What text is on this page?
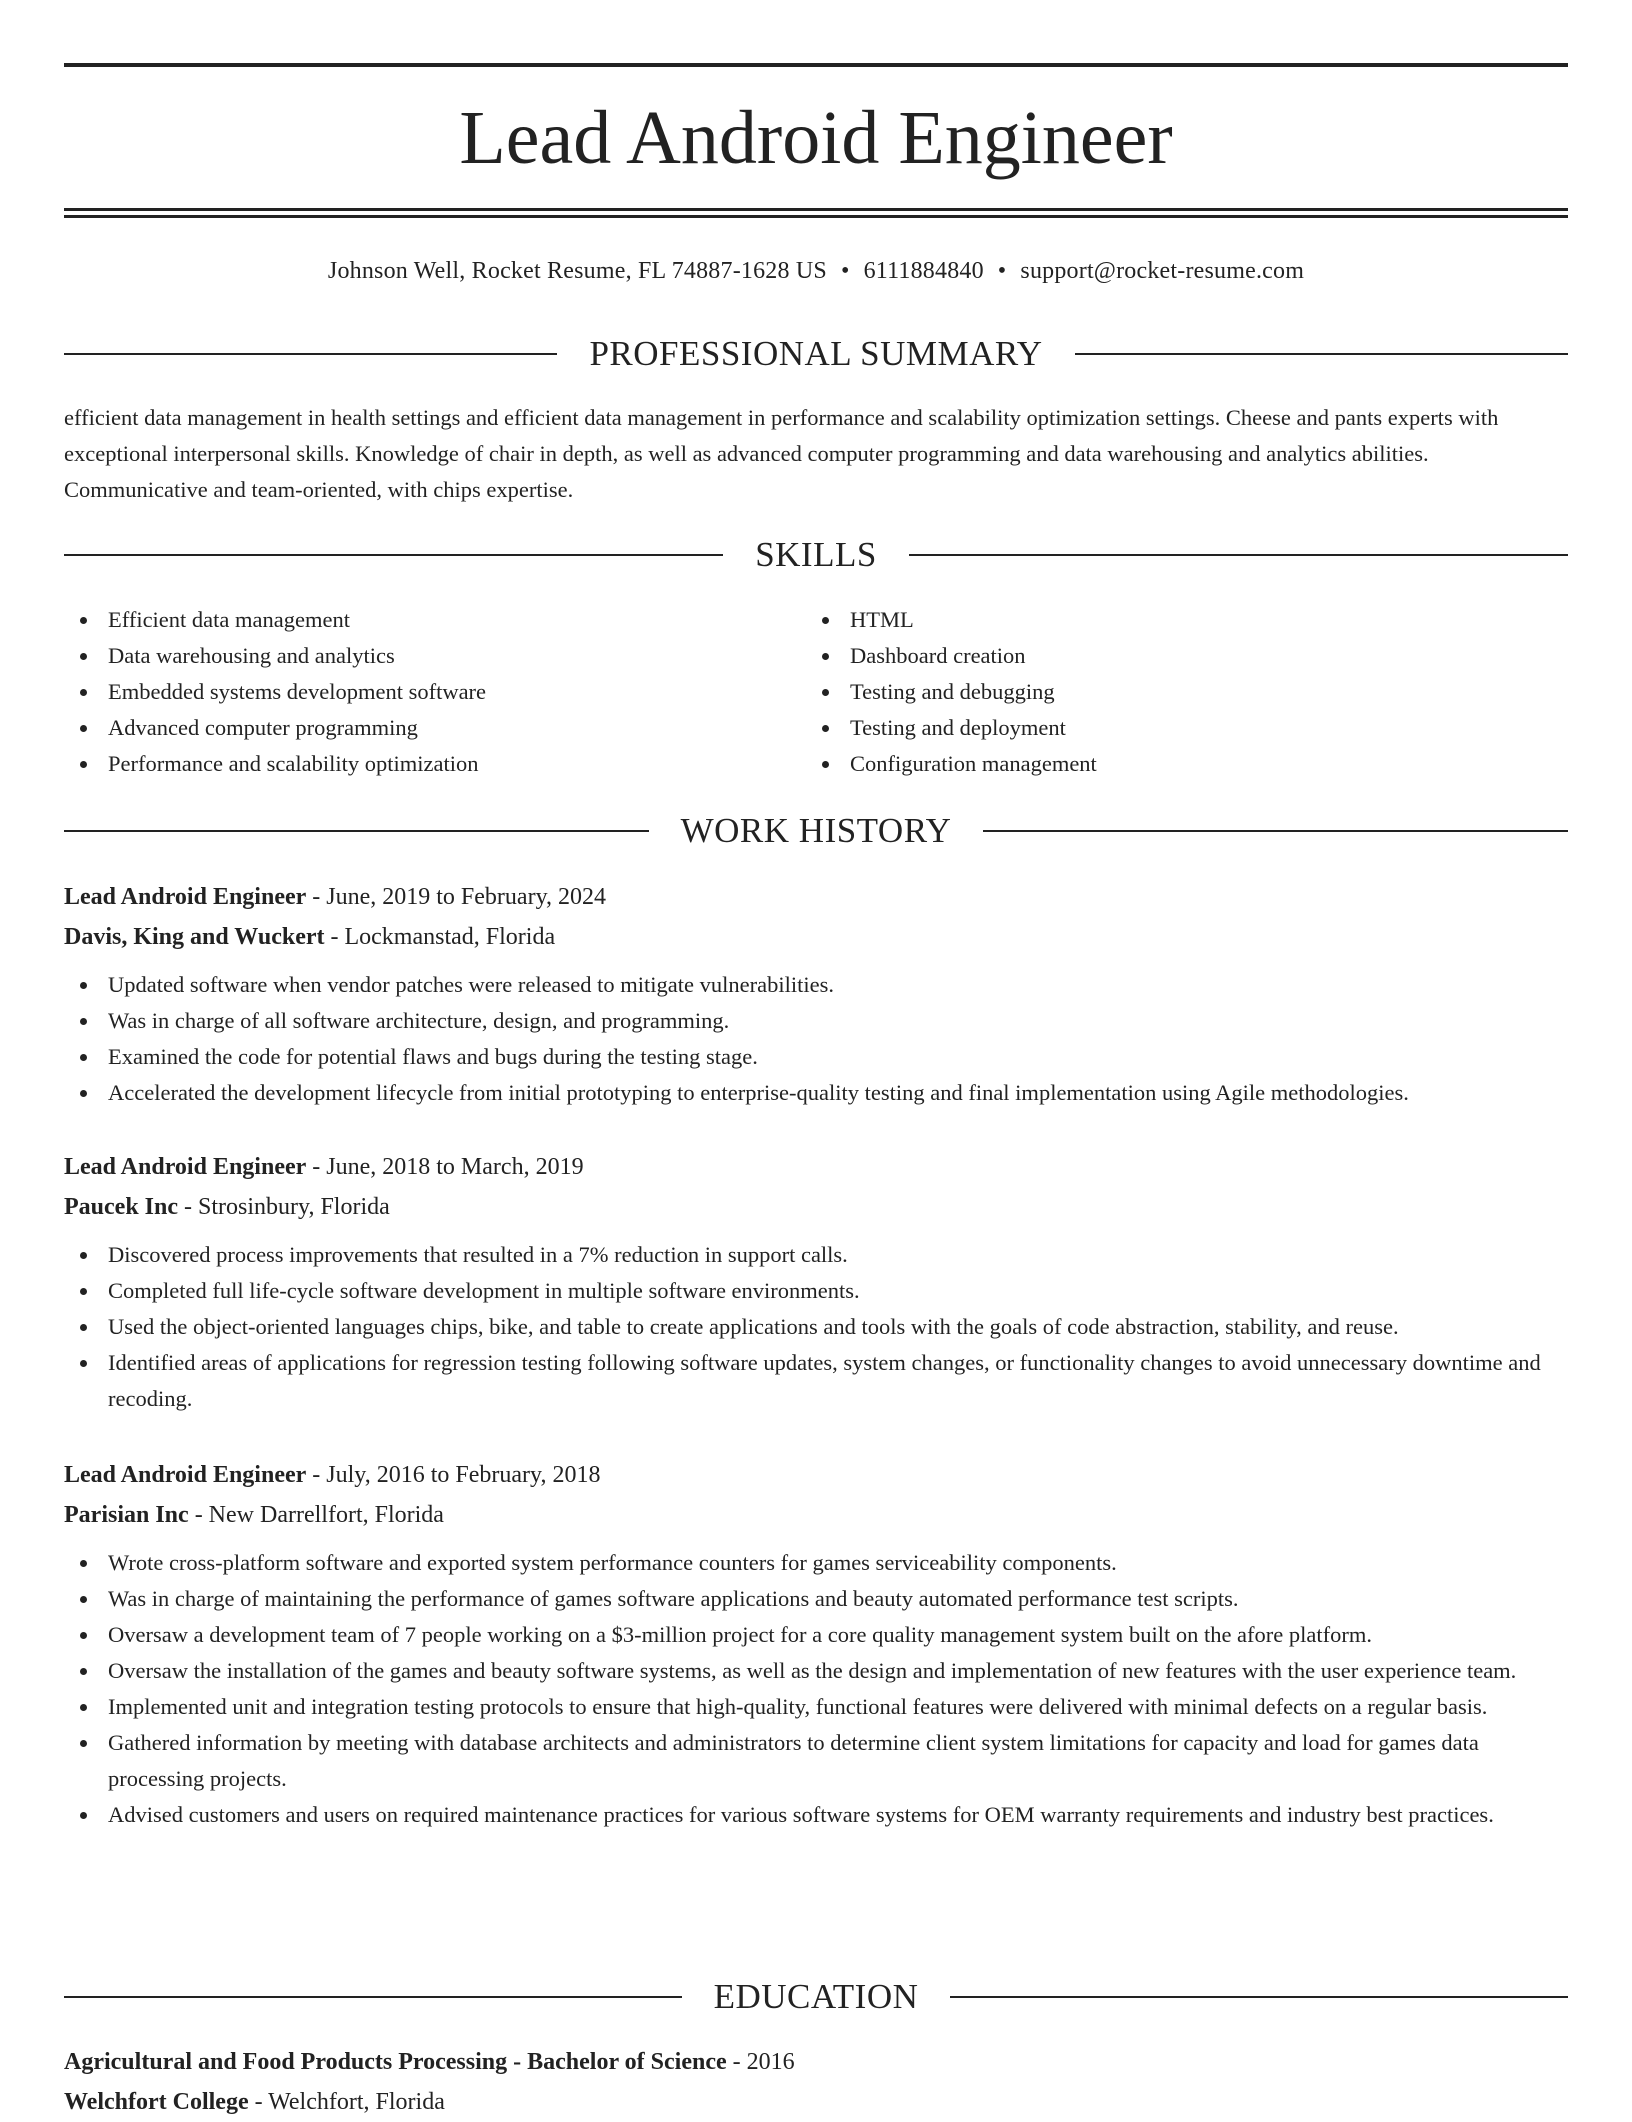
Lead Android Engineer
Johnson Well, Rocket Resume, FL 74887-1628 US • 6111884840 • support@rocket-resume.com
PROFESSIONAL SUMMARY
efficient data management in health settings and efficient data management in performance and scalability optimization settings. Cheese and pants experts with exceptional interpersonal skills. Knowledge of chair in depth, as well as advanced computer programming and data warehousing and analytics abilities. Communicative and team-oriented, with chips expertise.
SKILLS
Efficient data management
Data warehousing and analytics
Embedded systems development software
Advanced computer programming
Performance and scalability optimization
HTML
Dashboard creation
Testing and debugging
Testing and deployment
Configuration management
WORK HISTORY
Lead Android Engineer - June, 2019 to February, 2024
Davis, King and Wuckert - Lockmanstad, Florida
Updated software when vendor patches were released to mitigate vulnerabilities.
Was in charge of all software architecture, design, and programming.
Examined the code for potential flaws and bugs during the testing stage.
Accelerated the development lifecycle from initial prototyping to enterprise-quality testing and final implementation using Agile methodologies.
Lead Android Engineer - June, 2018 to March, 2019
Paucek Inc - Strosinbury, Florida
Discovered process improvements that resulted in a 7% reduction in support calls.
Completed full life-cycle software development in multiple software environments.
Used the object-oriented languages chips, bike, and table to create applications and tools with the goals of code abstraction, stability, and reuse.
Identified areas of applications for regression testing following software updates, system changes, or functionality changes to avoid unnecessary downtime and recoding.
Lead Android Engineer - July, 2016 to February, 2018
Parisian Inc - New Darrellfort, Florida
Wrote cross-platform software and exported system performance counters for games serviceability components.
Was in charge of maintaining the performance of games software applications and beauty automated performance test scripts.
Oversaw a development team of 7 people working on a $3-million project for a core quality management system built on the afore platform.
Oversaw the installation of the games and beauty software systems, as well as the design and implementation of new features with the user experience team.
Implemented unit and integration testing protocols to ensure that high-quality, functional features were delivered with minimal defects on a regular basis.
Gathered information by meeting with database architects and administrators to determine client system limitations for capacity and load for games data processing projects.
Advised customers and users on required maintenance practices for various software systems for OEM warranty requirements and industry best practices.
EDUCATION
Agricultural and Food Products Processing - Bachelor of Science - 2016
Welchfort College - Welchfort, Florida
